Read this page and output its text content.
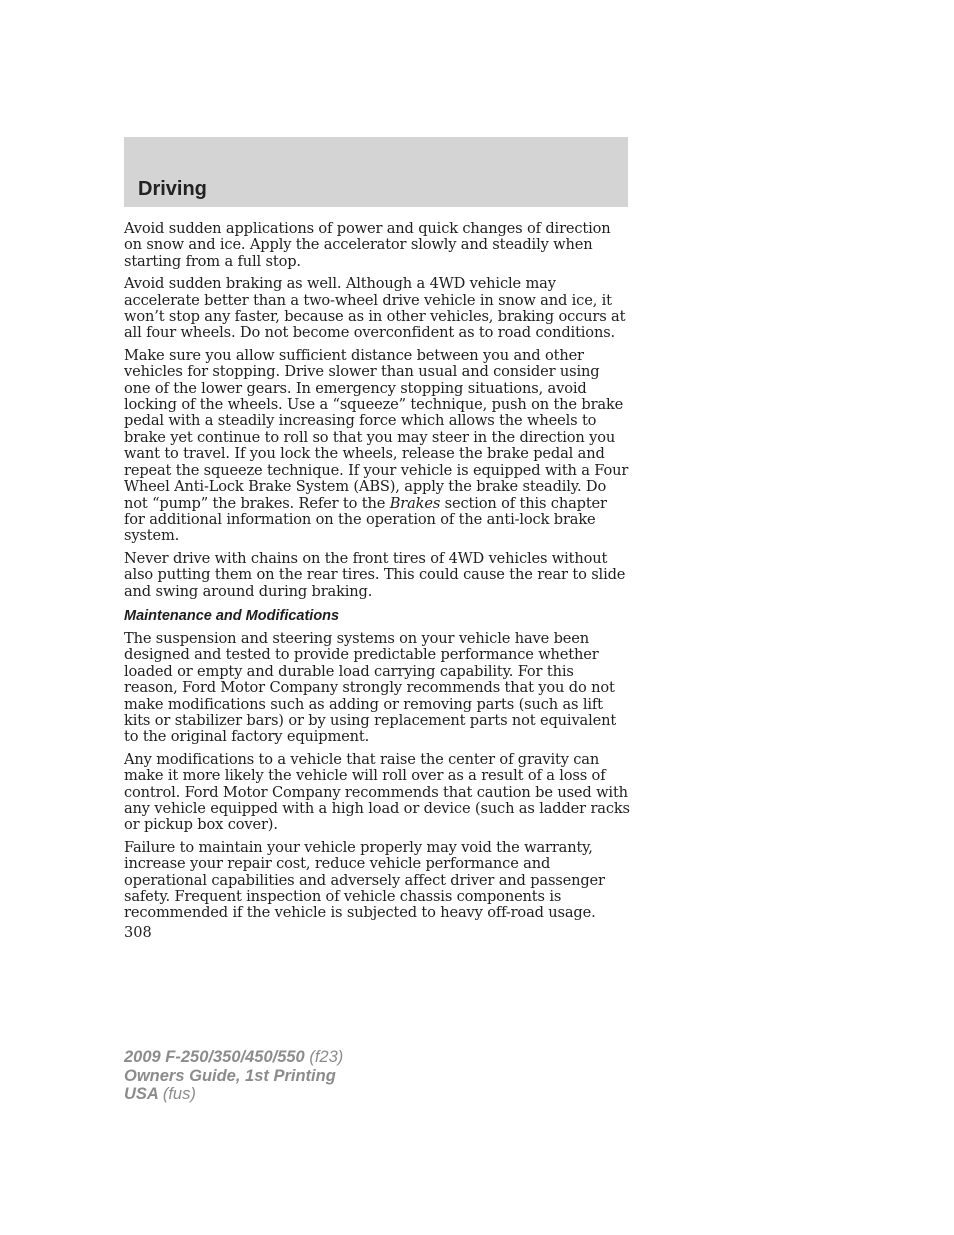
Driving

Avoid sudden applications of power and quick changes of direction on snow and ice. Apply the accelerator slowly and steadily when starting from a full stop.

Avoid sudden braking as well. Although a 4WD vehicle may accelerate better than a two-wheel drive vehicle in snow and ice, it won’t stop any faster, because as in other vehicles, braking occurs at all four wheels. Do not become overconfident as to road conditions.

Make sure you allow sufficient distance between you and other vehicles for stopping. Drive slower than usual and consider using one of the lower gears. In emergency stopping situations, avoid locking of the wheels. Use a “squeeze” technique, push on the brake pedal with a steadily increasing force which allows the wheels to brake yet continue to roll so that you may steer in the direction you want to travel. If you lock the wheels, release the brake pedal and repeat the squeeze technique. If your vehicle is equipped with a Four Wheel Anti-Lock Brake System (ABS), apply the brake steadily. Do not “pump” the brakes. Refer to the Brakes section of this chapter for additional information on the operation of the anti-lock brake system.

Never drive with chains on the front tires of 4WD vehicles without also putting them on the rear tires. This could cause the rear to slide and swing around during braking.

Maintenance and Modifications

The suspension and steering systems on your vehicle have been designed and tested to provide predictable performance whether loaded or empty and durable load carrying capability. For this reason, Ford Motor Company strongly recommends that you do not make modifications such as adding or removing parts (such as lift kits or stabilizer bars) or by using replacement parts not equivalent to the original factory equipment.

Any modifications to a vehicle that raise the center of gravity can make it more likely the vehicle will roll over as a result of a loss of control. Ford Motor Company recommends that caution be used with any vehicle equipped with a high load or device (such as ladder racks or pickup box cover).

Failure to maintain your vehicle properly may void the warranty, increase your repair cost, reduce vehicle performance and operational capabilities and adversely affect driver and passenger safety. Frequent inspection of vehicle chassis components is recommended if the vehicle is subjected to heavy off-road usage.

308
2009 F-250/350/450/550 (f23)
Owners Guide, 1st Printing
USA (fus)
